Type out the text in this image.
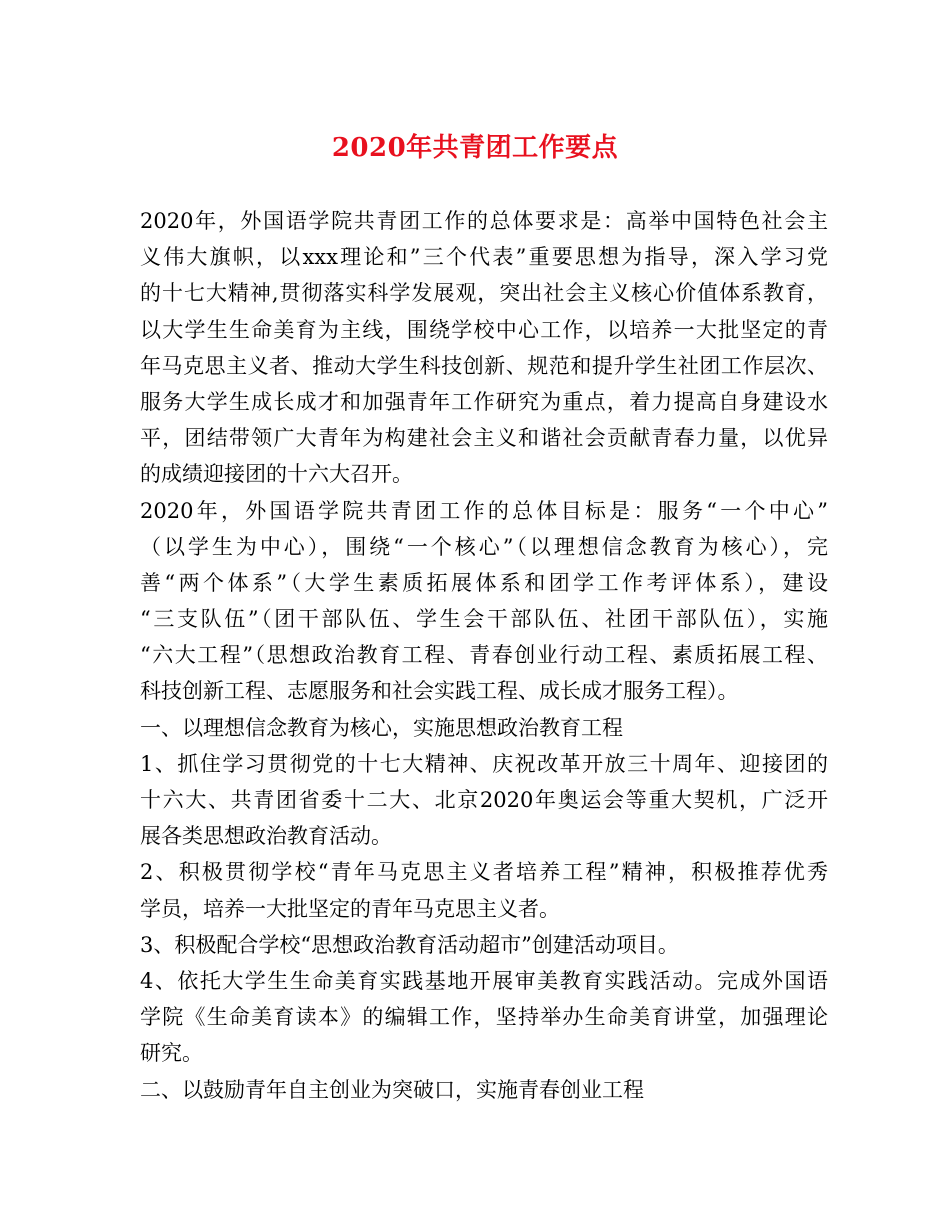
2020年共青团工作要点
2020年，外国语学院共青团工作的总体要求是：高举中国特色社会主
义伟大旗帜，以xxx理论和”三个代表”重要思想为指导，深入学习党
的十七大精神,贯彻落实科学发展观，突出社会主义核心价值体系教育，
以大学生生命美育为主线，围绕学校中心工作，以培养一大批坚定的青
年马克思主义者、推动大学生科技创新、规范和提升学生社团工作层次、
服务大学生成长成才和加强青年工作研究为重点，着力提高自身建设水
平，团结带领广大青年为构建社会主义和谐社会贡献青春力量，以优异
的成绩迎接团的十六大召开。
2020年，外国语学院共青团工作的总体目标是：服务“一个中心”
（以学生为中心），围绕“一个核心”（以理想信念教育为核心），完
善“两个体系”（大学生素质拓展体系和团学工作考评体系），建设
“三支队伍”（团干部队伍、学生会干部队伍、社团干部队伍），实施
“六大工程”（思想政治教育工程、青春创业行动工程、素质拓展工程、
科技创新工程、志愿服务和社会实践工程、成长成才服务工程）。
一、以理想信念教育为核心，实施思想政治教育工程
1、抓住学习贯彻党的十七大精神、庆祝改革开放三十周年、迎接团的
十六大、共青团省委十二大、北京2020年奥运会等重大契机，广泛开
展各类思想政治教育活动。
2、积极贯彻学校“青年马克思主义者培养工程”精神，积极推荐优秀
学员，培养一大批坚定的青年马克思主义者。
3、积极配合学校“思想政治教育活动超市”创建活动项目。
4、依托大学生生命美育实践基地开展审美教育实践活动。完成外国语
学院《生命美育读本》的编辑工作，坚持举办生命美育讲堂，加强理论
研究。
二、以鼓励青年自主创业为突破口，实施青春创业工程
